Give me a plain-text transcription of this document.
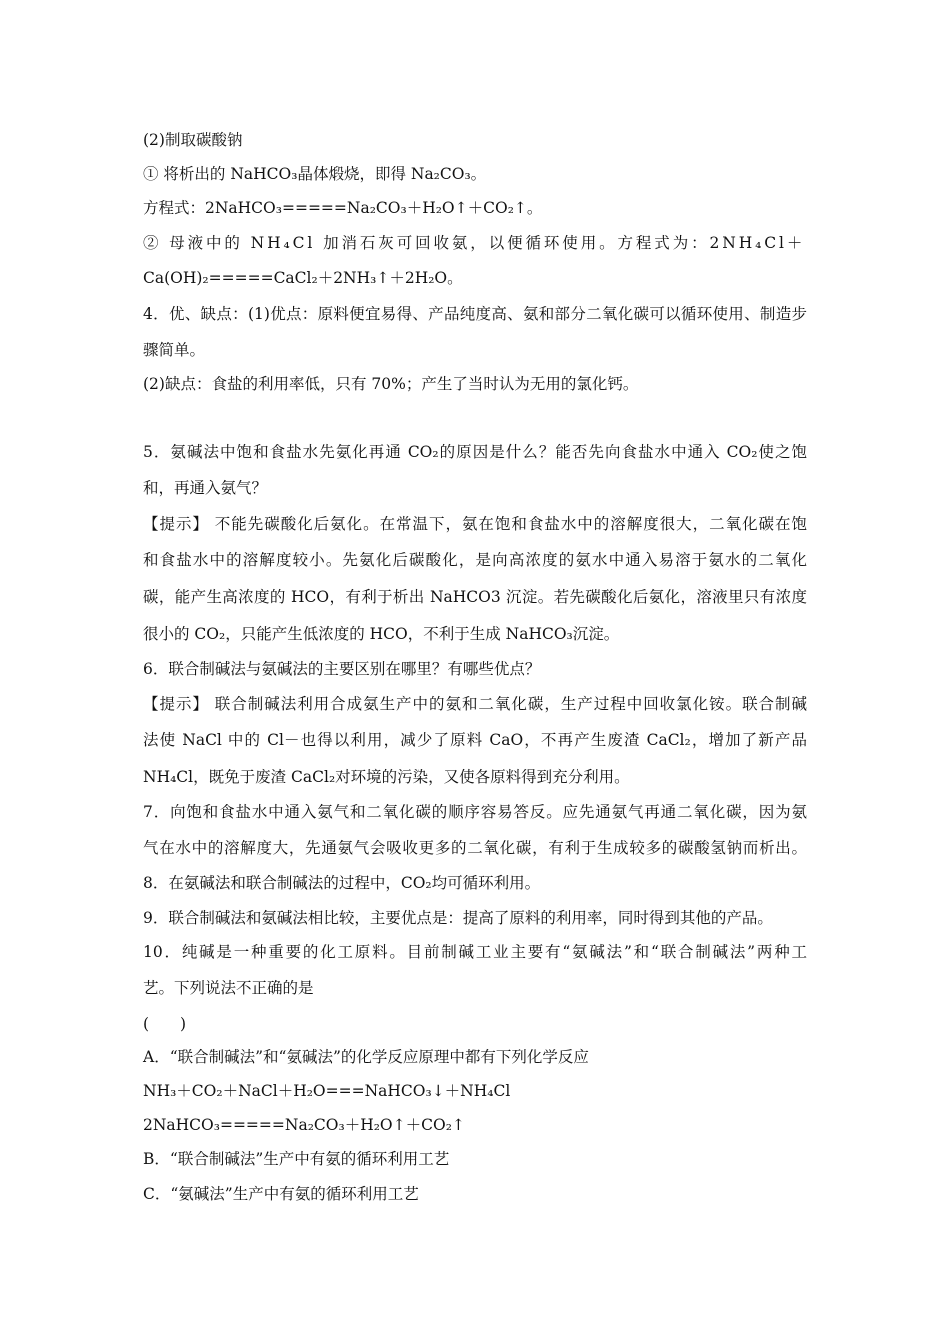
(2)制取碳酸钠
① 将析出的 NaHCO₃晶体煅烧，即得 Na₂CO₃。
方程式：2NaHCO₃=====Na₂CO₃＋H₂O↑＋CO₂↑。
② 母液中的 NH₄Cl 加消石灰可回收氨，以便循环使用。方程式为：2NH₄Cl＋
Ca(OH)₂=====CaCl₂＋2NH₃↑＋2H₂O。
4．优、缺点：(1)优点：原料便宜易得、产品纯度高、氨和部分二氧化碳可以循环使用、制造步
骤简单。
(2)缺点：食盐的利用率低，只有 70%；产生了当时认为无用的氯化钙。
5．氨碱法中饱和食盐水先氨化再通 CO₂的原因是什么？能否先向食盐水中通入 CO₂使之饱
和，再通入氨气？
【提示】 不能先碳酸化后氨化。在常温下，氨在饱和食盐水中的溶解度很大，二氧化碳在饱
和食盐水中的溶解度较小。先氨化后碳酸化，是向高浓度的氨水中通入易溶于氨水的二氧化
碳，能产生高浓度的 HCO，有利于析出 NaHCO3 沉淀。若先碳酸化后氨化，溶液里只有浓度
很小的 CO₂，只能产生低浓度的 HCO，不利于生成 NaHCO₃沉淀。
6．联合制碱法与氨碱法的主要区别在哪里？有哪些优点？
【提示】 联合制碱法利用合成氨生产中的氨和二氧化碳，生产过程中回收氯化铵。联合制碱
法使 NaCl 中的 Cl－也得以利用，减少了原料 CaO，不再产生废渣 CaCl₂，增加了新产品
NH₄Cl，既免于废渣 CaCl₂对环境的污染，又使各原料得到充分利用。
7．向饱和食盐水中通入氨气和二氧化碳的顺序容易答反。应先通氨气再通二氧化碳，因为氨
气在水中的溶解度大，先通氨气会吸收更多的二氧化碳，有利于生成较多的碳酸氢钠而析出。
8．在氨碱法和联合制碱法的过程中，CO₂均可循环利用。
9．联合制碱法和氨碱法相比较，主要优点是：提高了原料的利用率，同时得到其他的产品。
10．纯碱是一种重要的化工原料。目前制碱工业主要有“氨碱法”和“联合制碱法”两种工
艺。下列说法不正确的是
(　　)
A．“联合制碱法”和“氨碱法”的化学反应原理中都有下列化学反应
NH₃＋CO₂＋NaCl＋H₂O===NaHCO₃↓＋NH₄Cl
2NaHCO₃=====Na₂CO₃＋H₂O↑＋CO₂↑
B．“联合制碱法”生产中有氨的循环利用工艺
C．“氨碱法”生产中有氨的循环利用工艺
